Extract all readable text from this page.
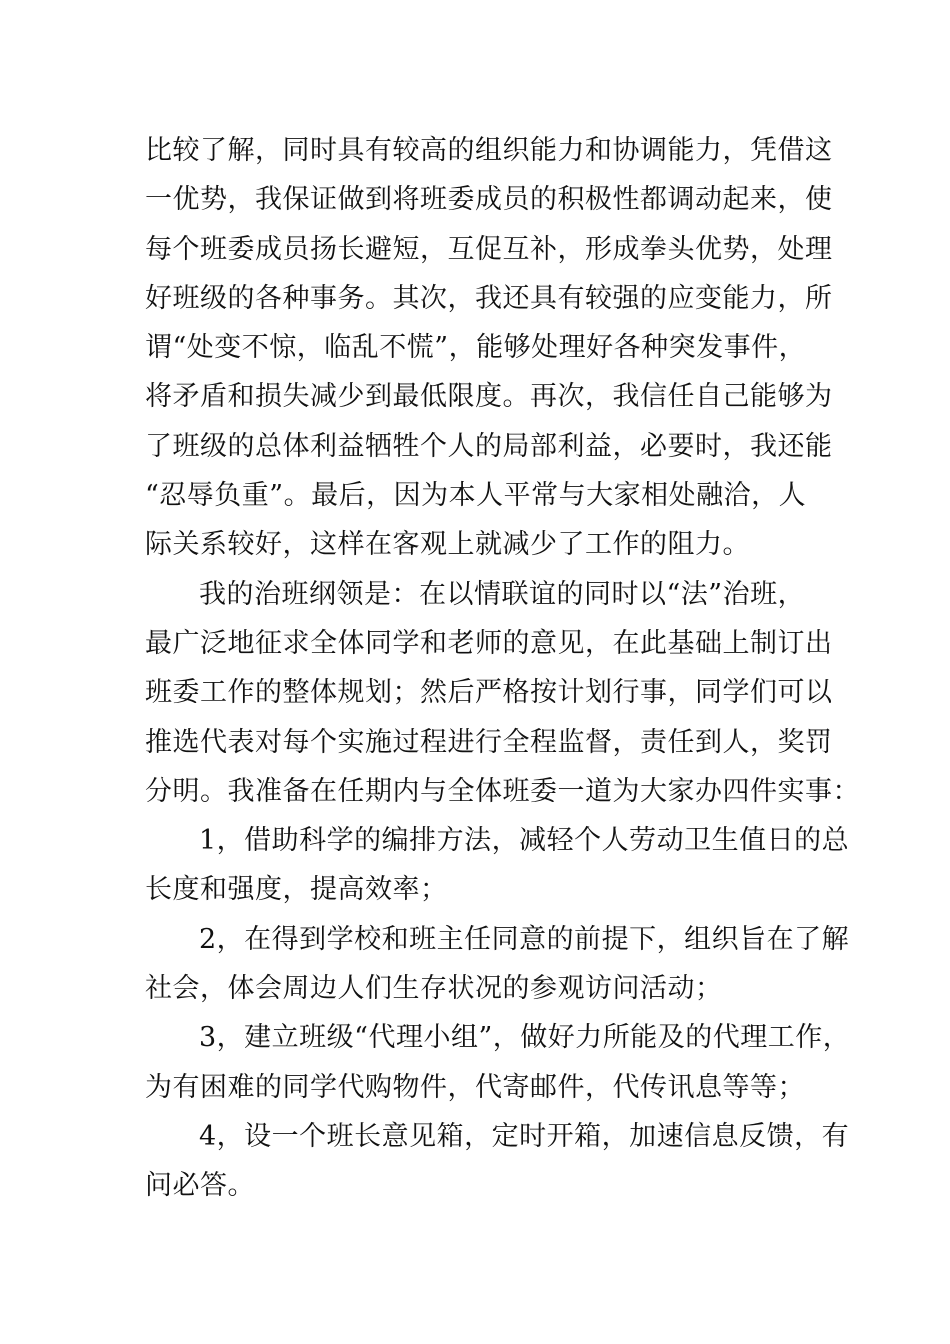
比较了解，同时具有较高的组织能力和协调能力，凭借这
一优势，我保证做到将班委成员的积极性都调动起来，使
每个班委成员扬长避短，互促互补，形成拳头优势，处理
好班级的各种事务。其次，我还具有较强的应变能力，所
谓“处变不惊，临乱不慌”，能够处理好各种突发事件，
将矛盾和损失减少到最低限度。再次，我信任自己能够为
了班级的总体利益牺牲个人的局部利益，必要时，我还能
“忍辱负重”。最后，因为本人平常与大家相处融洽，人
际关系较好，这样在客观上就减少了工作的阻力。
我的治班纲领是：在以情联谊的同时以“法”治班，
最广泛地征求全体同学和老师的意见，在此基础上制订出
班委工作的整体规划；然后严格按计划行事，同学们可以
推选代表对每个实施过程进行全程监督，责任到人，奖罚
分明。我准备在任期内与全体班委一道为大家办四件实事：
1，借助科学的编排方法，减轻个人劳动卫生值日的总
长度和强度，提高效率；
2，在得到学校和班主任同意的前提下，组织旨在了解
社会，体会周边人们生存状况的参观访问活动；
3，建立班级“代理小组”，做好力所能及的代理工作，
为有困难的同学代购物件，代寄邮件，代传讯息等等；
4，设一个班长意见箱，定时开箱，加速信息反馈，有
问必答。
